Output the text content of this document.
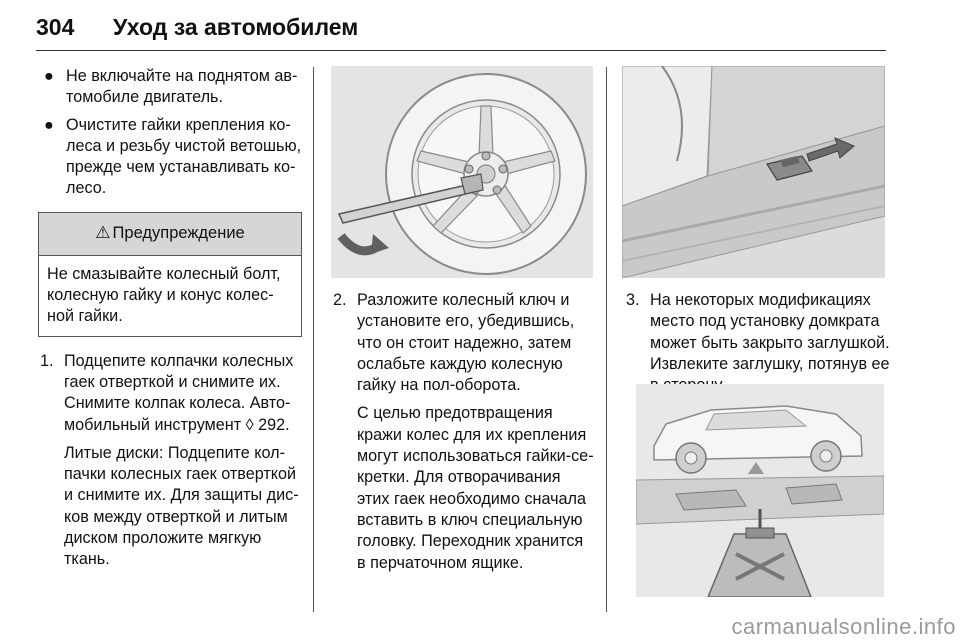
304 Уход за автомобилем
● Не включайте на поднятом автомобиле двигатель.
● Очистите гайки крепления колеса и резьбу чистой ветошью, прежде чем устанавливать колесо.
⚠ Предупреждение
Не смазывайте колесный болт, колесную гайку и конус колесной гайки.
1. Подцепите колпачки колесных гаек отверткой и снимите их. Снимите колпак колеса. Автомобильный инструмент ◊ 292.
Литые диски: Подцепите колпачки колесных гаек отверткой и снимите их. Для защиты дисков между отверткой и литым диском проложите мягкую ткань.
2. Разложите колесный ключ и установите его, убедившись, что он стоит надежно, затем ослабьте каждую колесную гайку на пол-оборота.
С целью предотвращения кражи колес для их крепления могут использоваться гайки-секретки. Для отворачивания этих гаек необходимо сначала вставить в ключ специальную головку. Переходник хранится в перчаточном ящике.
3. На некоторых модификациях место под установку домкрата может быть закрыто заглушкой. Извлеките заглушку, потянув ее
carmanualsonline.info
